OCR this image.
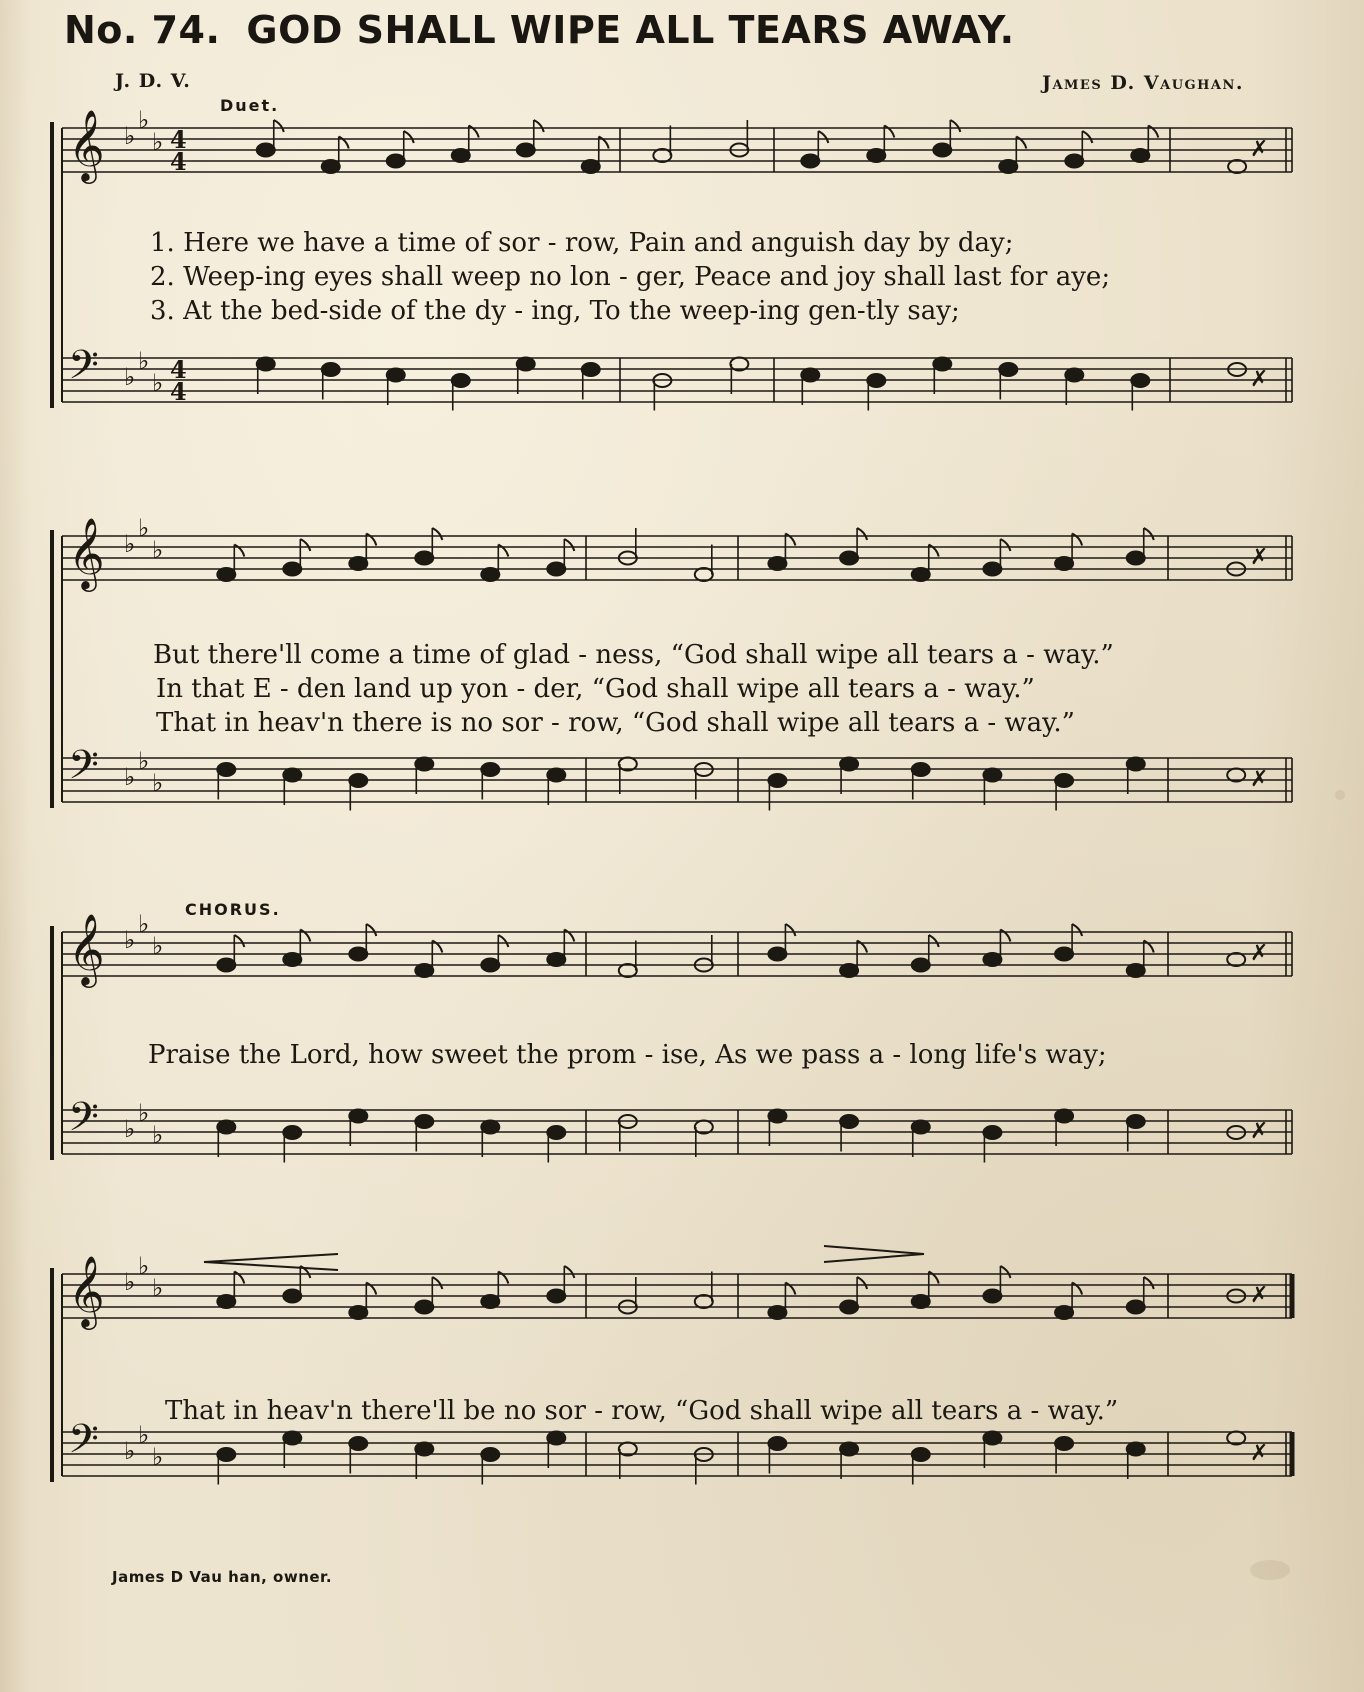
No. 74. GOD SHALL WIPE ALL TEARS AWAY.
J. D. V.	James D. Vaughan.
Duet.
CHORUS.
𝄞
𝄢
𝄞
𝄢
𝄞
𝄢
𝄞
𝄢
♭
♭
♭
♭
♭
♭
♭
♭
♭
♭
♭
♭
♭
♭
♭
♭
♭
♭
♭
♭
♭
♭
♭
♭
4
4
4
4
✗
✗
✗
✗
✗
✗
✗
✗
1. Here we have a time of sor - row, Pain and anguish day by day;
2. Weep-ing eyes shall weep no lon - ger, Peace and joy shall last for aye;
3. At the bed-side of the dy - ing, To the weep-ing gen-tly say;
But there'll come a time of glad - ness, “God shall wipe all tears a - way.”
In that E - den land up yon - der, “God shall wipe all tears a - way.”
That in heav'n there is no sor - row, “God shall wipe all tears a - way.”
Praise the Lord, how sweet the prom - ise, As we pass a - long life's way;
That in heav'n there'll be no sor - row, “God shall wipe all tears a - way.”
James D Vau han, owner.
